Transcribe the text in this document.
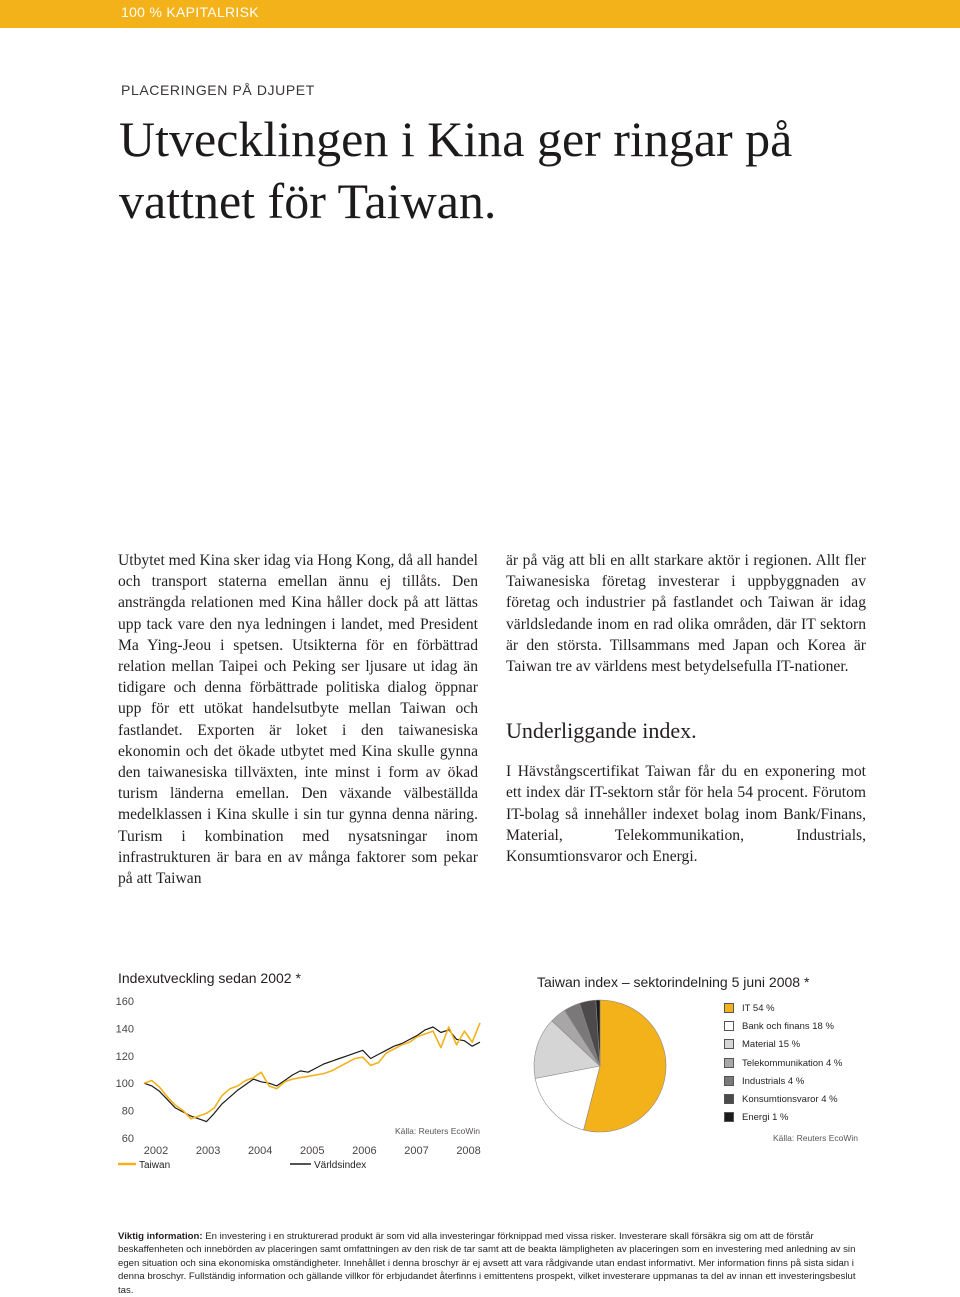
100 % KAPITALRISK
PLACERINGEN PÅ DJUPET
Utvecklingen i Kina ger ringar på vattnet för Taiwan.

Utbytet med Kina sker idag via Hong Kong, då all handel och transport staterna emellan ännu ej tillåts. Den ansträngda relationen med Kina håller dock på att lättas upp tack vare den nya ledningen i landet, med President Ma Ying-Jeou i spetsen. Utsikterna för en förbättrad relation mellan Taipei och Peking ser ljusare ut idag än tidigare och denna förbättrade politiska dialog öppnar upp för ett utökat handelsutbyte mellan Taiwan och fastlandet. Exporten är loket i den taiwanesiska ekonomin och det ökade utbytet med Kina skulle gynna den taiwanesiska tillväxten, inte minst i form av ökad turism länderna emellan. Den växande välbeställda medelklassen i Kina skulle i sin tur gynna denna näring. Turism i kombination med nysatsningar inom infrastrukturen är bara en av många faktorer som pekar på att Taiwan

är på väg att bli en allt starkare aktör i regionen. Allt fler Taiwanesiska företag investerar i uppbyggnaden av företag och industrier på fastlandet och Taiwan är idag världsledande inom en rad olika områden, där IT sektorn är den största. Tillsammans med Japan och Korea är Taiwan tre av världens mest betydelsefulla IT-nationer.

Underliggande index.

I Hävstångscertifikat Taiwan får du en exponering mot ett index där IT-sektorn står för hela 54 procent. Förutom IT-bolag så innehåller indexet bolag inom Bank/Finans, Material, Telekommunikation, Industrials, Konsumtionsvaror och Energi.

Indexutveckling sedan 2002 *
160
140
120
100
80
60
2002	2003	2004	2005	2006	2007	2008
Källa: Reuters EcoWin
Taiwan	Världsindex
Taiwan index – sektorindelning 5 juni 2008 *
IT 54 %
Bank och finans 18 %
Material 15 %
Telekommunikation 4 %
Industrials 4 %
Konsumtionsvaror 4 %
Energi 1 %
Källa: Reuters EcoWin
Viktig information: En investering i en strukturerad produkt är som vid alla investeringar förknippad med vissa risker. Investerare skall försäkra sig om att de förstår beskaffenheten och innebörden av placeringen samt omfattningen av den risk de tar samt att de beakta lämpligheten av placeringen som en investering med anledning av sin egen situation och sina ekonomiska omständigheter. Innehållet i denna broschyr är ej avsett att vara rådgivande utan endast informativt. Mer information finns på sista sidan i denna broschyr. Fullständig information och gällande villkor för erbjudandet återfinns i emittentens prospekt, vilket investerare uppmanas ta del av innan ett investeringsbeslut tas.
